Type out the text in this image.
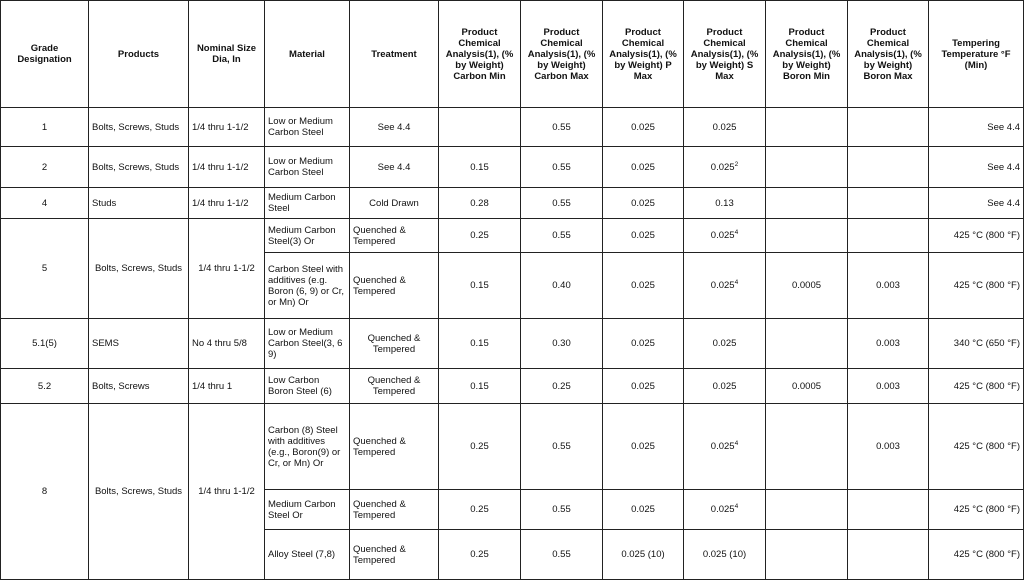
Grade Designation	Products	Nominal Size Dia, In	Material	Treatment	Product Chemical Analysis(1), (% by Weight) Carbon Min	Product Chemical Analysis(1), (% by Weight) Carbon Max	Product Chemical Analysis(1), (% by Weight) P Max	Product Chemical Analysis(1), (% by Weight) S Max	Product Chemical Analysis(1), (% by Weight) Boron Min	Product Chemical Analysis(1), (% by Weight) Boron Max	Tempering Temperature °F (Min)
1	Bolts, Screws, Studs	1/4 thru 1-1/2	Low or Medium Carbon Steel	See 4.4		0.55	0.025	0.025			See 4.4
2	Bolts, Screws, Studs	1/4 thru 1-1/2	Low or Medium Carbon Steel	See 4.4	0.15	0.55	0.025	0.025$^2$			See 4.4
4	Studs	1/4 thru 1-1/2	Medium Carbon Steel	Cold Drawn	0.28	0.55	0.025	0.13			See 4.4
5	Bolts, Screws, Studs	1/4 thru 1-1/2	Medium Carbon Steel(3) Or	Quenched & Tempered	0.25	0.55	0.025	0.025$^4$			425 °C (800 °F)
			Carbon Steel with additives (e.g. Boron (6, 9) or Cr, or Mn) Or	Quenched & Tempered	0.15	0.40	0.025	0.025$^4$	0.0005	0.003	425 °C (800 °F)
5.1(5)	SEMS	No 4 thru 5/8	Low or Medium Carbon Steel(3, 6 9)	Quenched & Tempered	0.15	0.30	0.025	0.025		0.003	340 °C (650 °F)
5.2	Bolts, Screws	1/4 thru 1	Low Carbon Boron Steel (6)	Quenched & Tempered	0.15	0.25	0.025	0.025	0.0005	0.003	425 °C (800 °F)
8	Bolts, Screws, Studs	1/4 thru 1-1/2	Carbon (8) Steel with additives (e.g., Boron(9) or Cr, or Mn) Or	Quenched & Tempered	0.25	0.55	0.025	0.025$^4$		0.003	425 °C (800 °F)
			Medium Carbon Steel Or	Quenched & Tempered	0.25	0.55	0.025	0.025$^4$			425 °C (800 °F)
			Alloy Steel (7,8)	Quenched & Tempered	0.25	0.55	0.025 (10)	0.025 (10)			425 °C (800 °F)
